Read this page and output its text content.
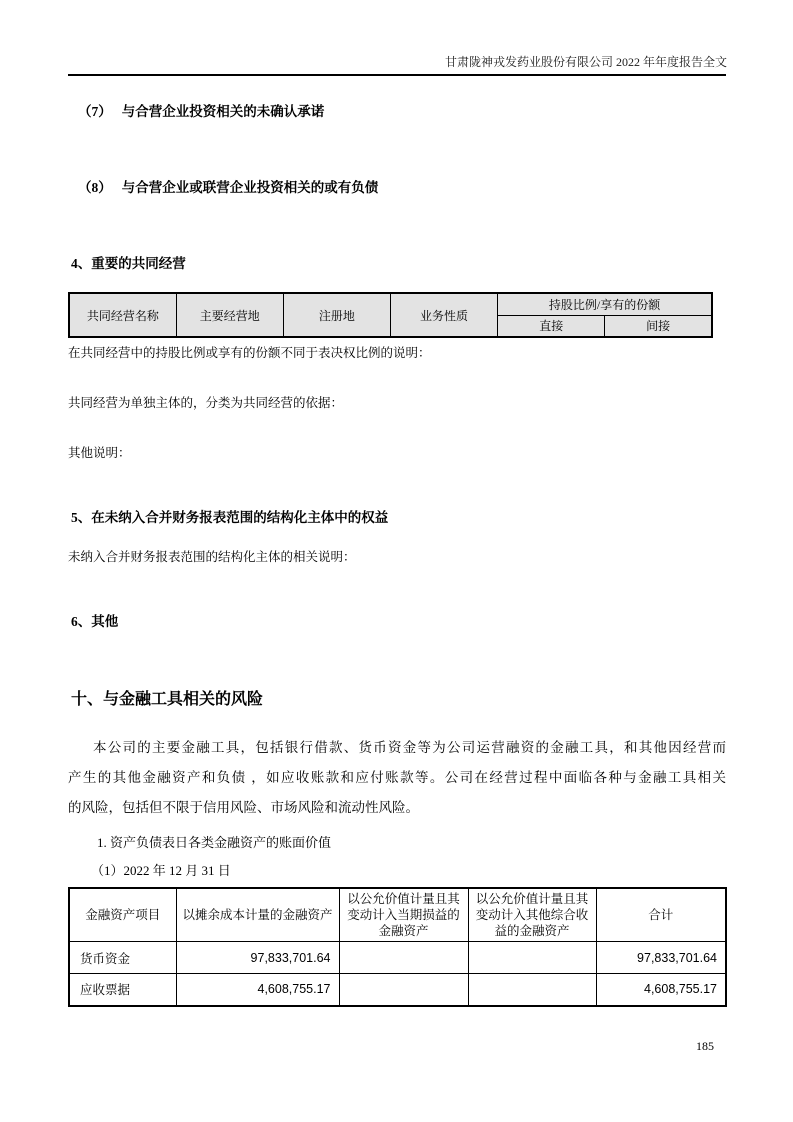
甘肃陇神戎发药业股份有限公司 2022 年年度报告全文
（7） 与合营企业投资相关的未确认承诺
（8） 与合营企业或联营企业投资相关的或有负债
4、重要的共同经营
共同经营名称	主要经营地	注册地	业务性质	持股比例/享有的份额	
				直接	间接
在共同经营中的持股比例或享有的份额不同于表决权比例的说明：
共同经营为单独主体的，分类为共同经营的依据：
其他说明：
5、在未纳入合并财务报表范围的结构化主体中的权益
未纳入合并财务报表范围的结构化主体的相关说明：
6、其他
十、与金融工具相关的风险
本公司的主要金融工具，包括银行借款、货币资金等为公司运营融资的金融工具，和其他因经营而
产生的其他金融资产和负债 ，如应收账款和应付账款等。公司在经营过程中面临各种与金融工具相关
的风险，包括但不限于信用风险、市场风险和流动性风险。
1. 资产负债表日各类金融资产的账面价值
（1）2022 年 12 月 31 日
金融资产项目	以摊余成本计量的金融资产	以公允价值计量且其变动计入当期损益的金融资产	以公允价值计量且其变动计入其他综合收益的金融资产	合计
货币资金	97,833,701.64			97,833,701.64
应收票据	4,608,755.17			4,608,755.17
185
